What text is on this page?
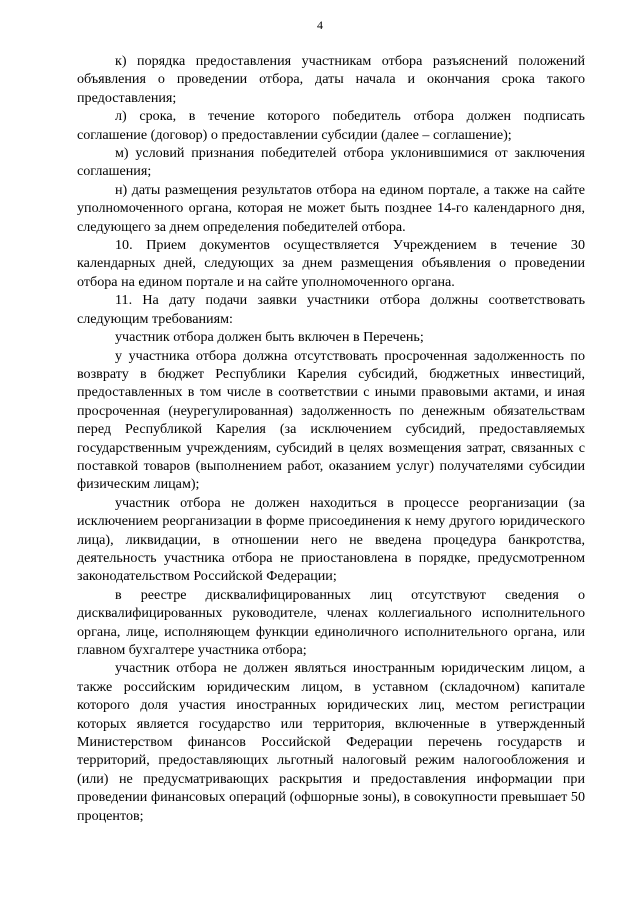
4

к) порядка предоставления участникам отбора разъяснений положений объявления о проведении отбора, даты начала и окончания срока такого предоставления;

л) срока, в течение которого победитель отбора должен подписать соглашение (договор) о предоставлении субсидии (далее – соглашение);

м) условий признания победителей отбора уклонившимися от заключения соглашения;

н) даты размещения результатов отбора на едином портале, а также на сайте уполномоченного органа, которая не может быть позднее 14-го календарного дня, следующего за днем определения победителей отбора.

10. Прием документов осуществляется Учреждением в течение 30 календарных дней, следующих за днем размещения объявления о проведении отбора на едином портале и на сайте уполномоченного органа.

11. На дату подачи заявки участники отбора должны соответствовать следующим требованиям:

участник отбора должен быть включен в Перечень;

у участника отбора должна отсутствовать просроченная задолженность по возврату в бюджет Республики Карелия субсидий, бюджетных инвестиций, предоставленных в том числе в соответствии с иными правовыми актами, и иная просроченная (неурегулированная) задолженность по денежным обязательствам перед Республикой Карелия (за исключением субсидий, предоставляемых государственным учреждениям, субсидий в целях возмещения затрат, связанных с поставкой товаров (выполнением работ, оказанием услуг) получателями субсидии физическим лицам);

участник отбора не должен находиться в процессе реорганизации (за исключением реорганизации в форме присоединения к нему другого юридического лица), ликвидации, в отношении него не введена процедура банкротства, деятельность участника отбора не приостановлена в порядке, предусмотренном законодательством Российской Федерации;

в реестре дисквалифицированных лиц отсутствуют сведения о дисквалифицированных руководителе, членах коллегиального исполнительного органа, лице, исполняющем функции единоличного исполнительного органа, или главном бухгалтере участника отбора;

участник отбора не должен являться иностранным юридическим лицом, а также российским юридическим лицом, в уставном (складочном) капитале которого доля участия иностранных юридических лиц, местом регистрации которых является государство или территория, включенные в утвержденный Министерством финансов Российской Федерации перечень государств и территорий, предоставляющих льготный налоговый режим налогообложения и (или) не предусматривающих раскрытия и предоставления информации при проведении финансовых операций (офшорные зоны), в совокупности превышает 50 процентов;
